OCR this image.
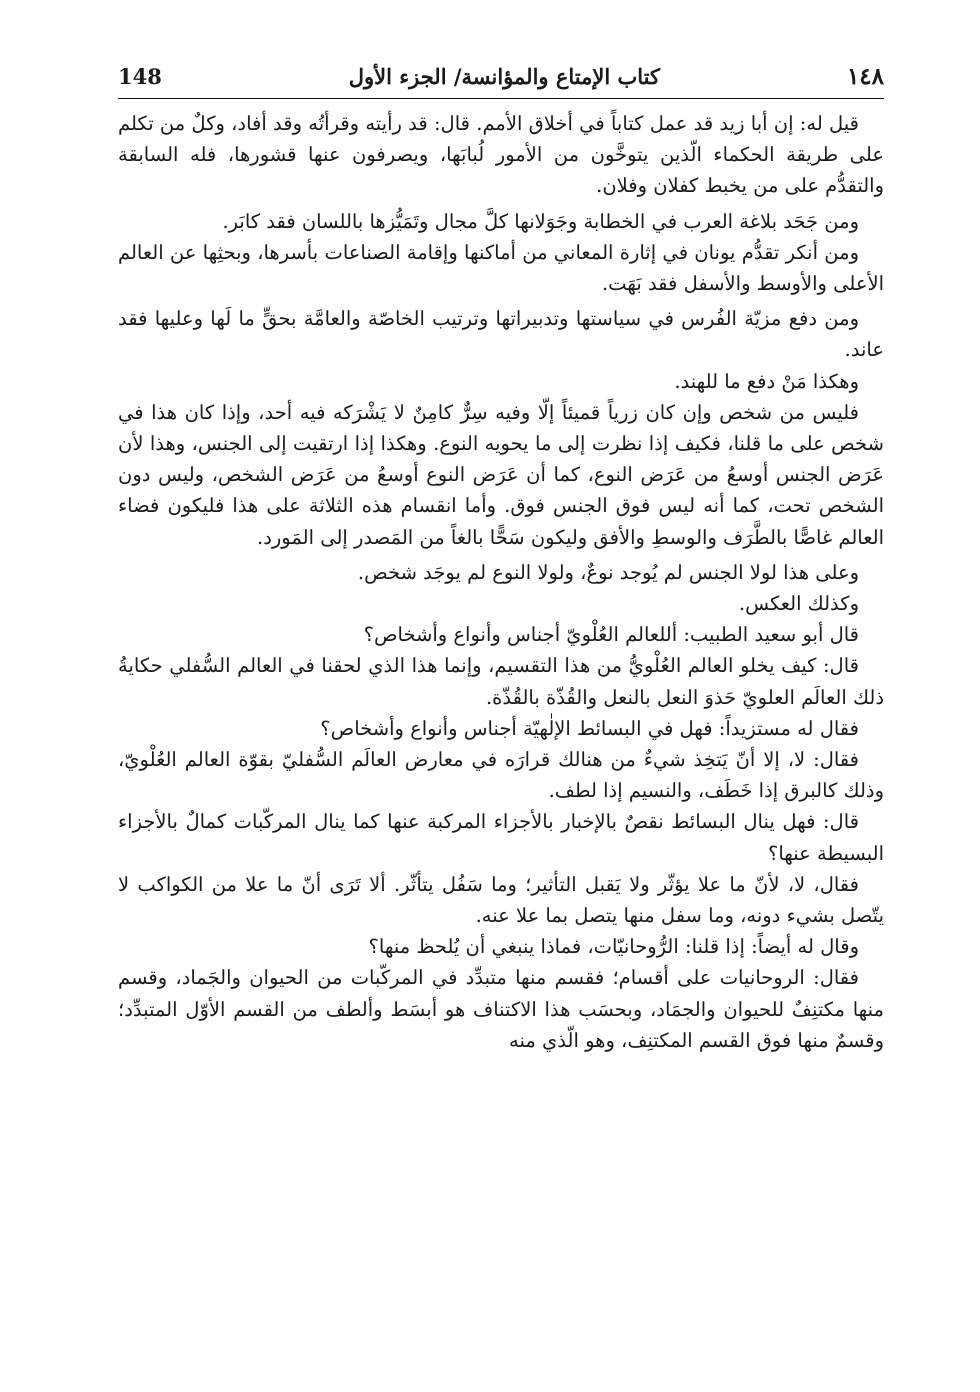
١٤٨
كتاب الإمتاع والمؤانسة/ الجزء الأول
148

قيل له: إن أبا زيد قد عمل كتاباً في أخلاق الأمم. قال: قد رأيته وقرأتُه وقد أفاد، وكلٌ من تكلم على طريقة الحكماء الّذين يتوخَّون من الأمور لُبابَها، ويصرفون عنها قشورها، فله السابقة والتقدُّم على من يخبط كفلان وفلان.

ومن جَحَد بلاغة العرب في الخطابة وجَوَلانها كلَّ مجال وتَمَيُّزها باللسان فقد كابَر.

ومن أنكر تقدُّم يونان في إثارة المعاني من أماكنها وإقامة الصناعات بأسرها، وبحثِها عن العالم الأعلى والأوسط والأسفل فقد بَهَت.

ومن دفع مزيّة الفُرس في سياستها وتدبيراتها وترتيب الخاصّة والعامَّة بحقٍّ ما لَها وعليها فقد عاند.

وهكذا مَنْ دفع ما للهند.

فليس من شخص وإن كان زرياً قميئاً إلّا وفيه سِرٌّ كامِنٌ لا يَشْرَكه فيه أحد، وإذا كان هذا في شخص على ما قلنا، فكيف إذا نظرت إلى ما يحويه النوع. وهكذا إذا ارتقيت إلى الجنس، وهذا لأن عَرَض الجنس أوسعُ من عَرَض النوع، كما أن عَرَض النوع أوسعُ من عَرَض الشخص، وليس دون الشخص تحت، كما أنه ليس فوق الجنس فوق. وأما انقسام هذه الثلاثة على هذا فليكون فضاء العالم غاصًّا بالطَّرَف والوسطِ والأفق وليكون سَحًّا بالغاً من المَصدر إلى المَورد.

وعلى هذا لولا الجنس لم يُوجد نوعٌ، ولولا النوع لم يوجَد شخص.

وكذلك العكس.

قال أبو سعيد الطبيب: أللعالم العُلْويّ أجناس وأنواع وأشخاص؟

قال: كيف يخلو العالم العُلْويُّ من هذا التقسيم، وإنما هذا الذي لحقنا في العالم السُّفلي حكايةُ ذلك العالَم العلويّ حَذوَ النعل بالنعل والقُذّة بالقُذّة.

فقال له مستزيداً: فهل في البسائط الإلٰهيّة أجناس وأنواع وأشخاص؟

فقال: لا، إلا أنّ يَتخِذ شيءٌ من هنالك قرارَه في معارض العالَم السُّفليّ بقوّة العالم العُلْويّ، وذلك كالبرق إذا خَطَف، والنسيم إذا لطف.

قال: فهل ينال البسائط نقصٌ بالإخبار بالأجزاء المركبة عنها كما ينال المركّبات كمالٌ بالأجزاء البسيطة عنها؟

فقال، لا، لأنّ ما علا يؤثّر ولا يَقبل التأثير؛ وما سَفُل يتأثّر. ألا تَرَى أنّ ما علا من الكواكب لا يتّصل بشيء دونه، وما سفل منها يتصل بما علا عنه.

وقال له أيضاً: إذا قلنا: الرُّوحانيّات، فماذا ينبغي أن يُلحظ منها؟

فقال: الروحانيات على أقسام؛ فقسم منها متبدِّد في المركّبات من الحيوان والجَماد، وقسم منها مكتنِفٌ للحيوان والجمَاد، وبحسَب هذا الاكتناف هو أبسَط وألطف من القسم الأوّل المتبدِّد؛ وقسمٌ منها فوق القسم المكتنِف، وهو الّذي منه
